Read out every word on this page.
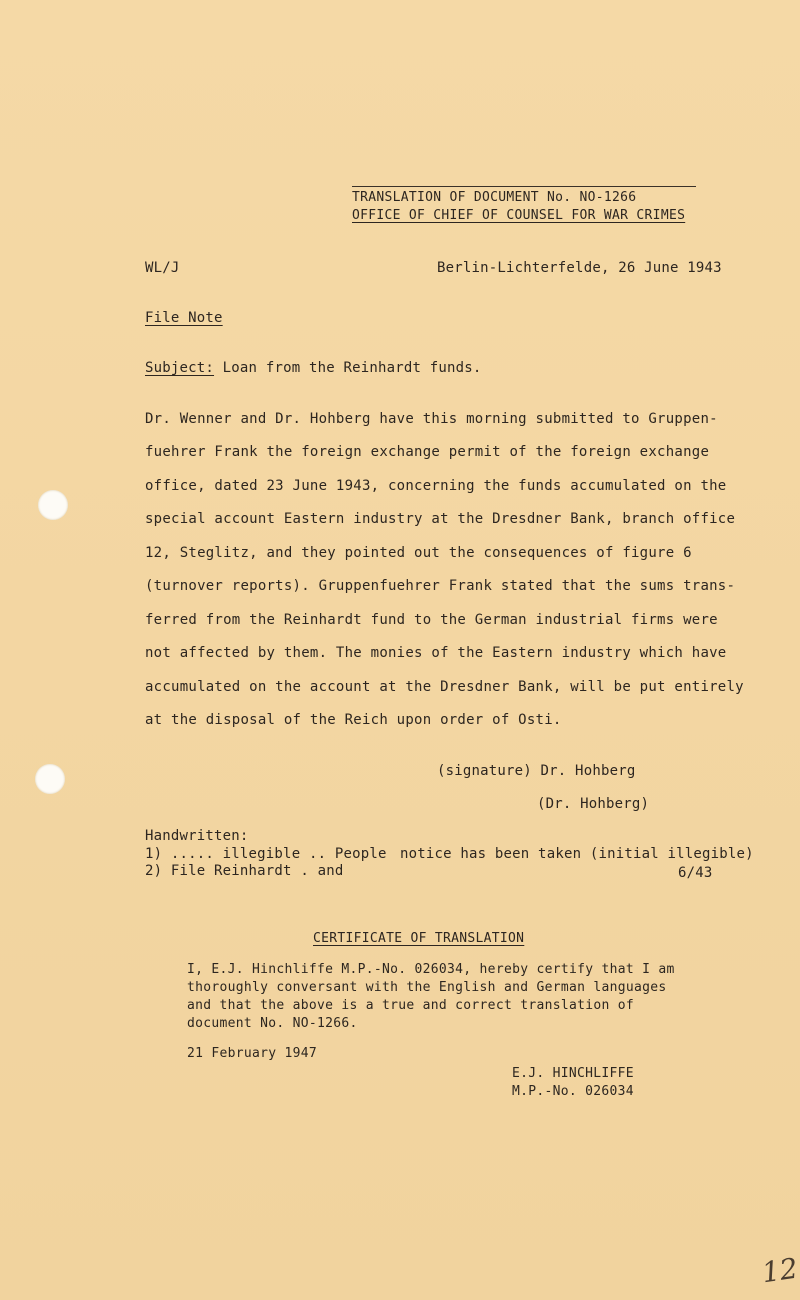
TRANSLATION OF DOCUMENT No. NO-1266
OFFICE OF CHIEF OF COUNSEL FOR WAR CRIMES
WL/J	Berlin-Lichterfelde, 26 June 1943
File Note
Subject: Loan from the Reinhardt funds.
Dr. Wenner and Dr. Hohberg have this morning submitted to Gruppen-
fuehrer Frank the foreign exchange permit of the foreign exchange
office, dated 23 June 1943, concerning the funds accumulated on the
special account Eastern industry at the Dresdner Bank, branch office
12, Steglitz, and they pointed out the consequences of figure 6
(turnover reports). Gruppenfuehrer Frank stated that the sums trans-
ferred from the Reinhardt fund to the German industrial firms were
not affected by them. The monies of the Eastern industry which have
accumulated on the account at the Dresdner Bank, will be put entirely
at the disposal of the Reich upon order of Osti.
(signature) Dr. Hohberg
(Dr. Hohberg)
Handwritten:
1) ..... illegible .. People notice has been taken (initial illegible)
2) File Reinhardt . and	6/43
CERTIFICATE OF TRANSLATION
I, E.J. Hinchliffe M.P.-No. 026034, hereby certify that I am
thoroughly conversant with the English and German languages
and that the above is a true and correct translation of
document No. NO-1266.
21 February 1947
E.J. HINCHLIFFE
M.P.-No. 026034
12
